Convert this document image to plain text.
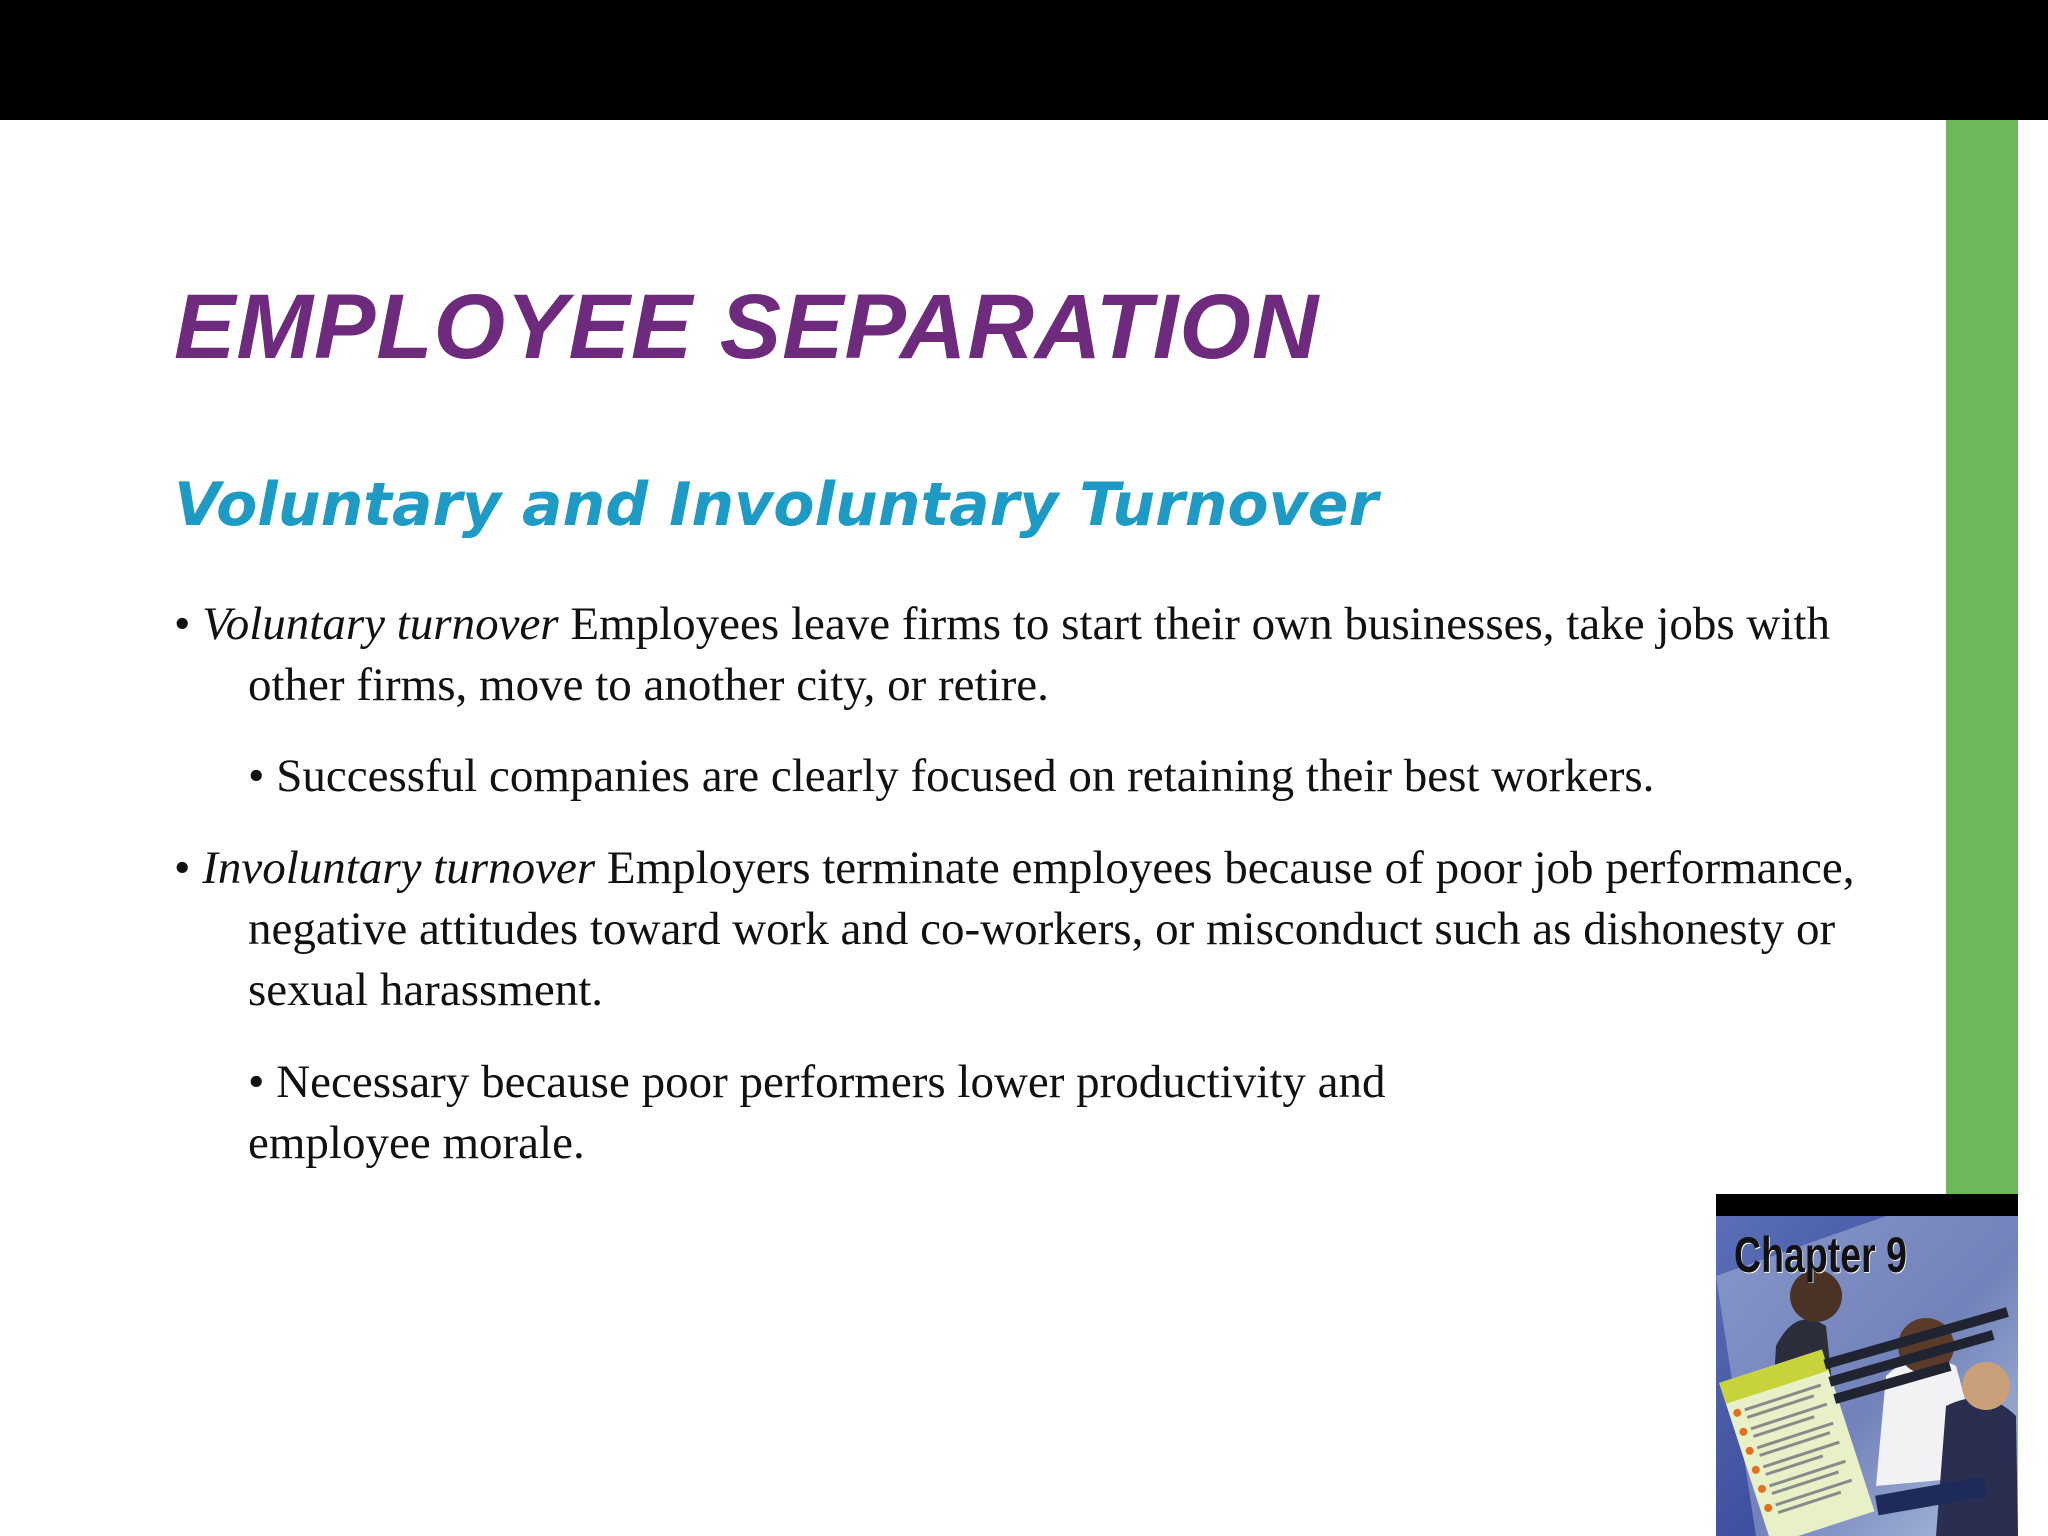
EMPLOYEE SEPARATION
Voluntary and Involuntary Turnover

• Voluntary turnover Employees leave firms to start their own businesses, take jobs with other firms, move to another city, or retire.

• Successful companies are clearly focused on retaining their best workers.

• Involuntary turnover Employers terminate employees because of poor job performance, negative attitudes toward work and co-workers, or misconduct such as dishonesty or sexual harassment.

• Necessary because poor performers lower productivity and employee morale.

Chapter 9
